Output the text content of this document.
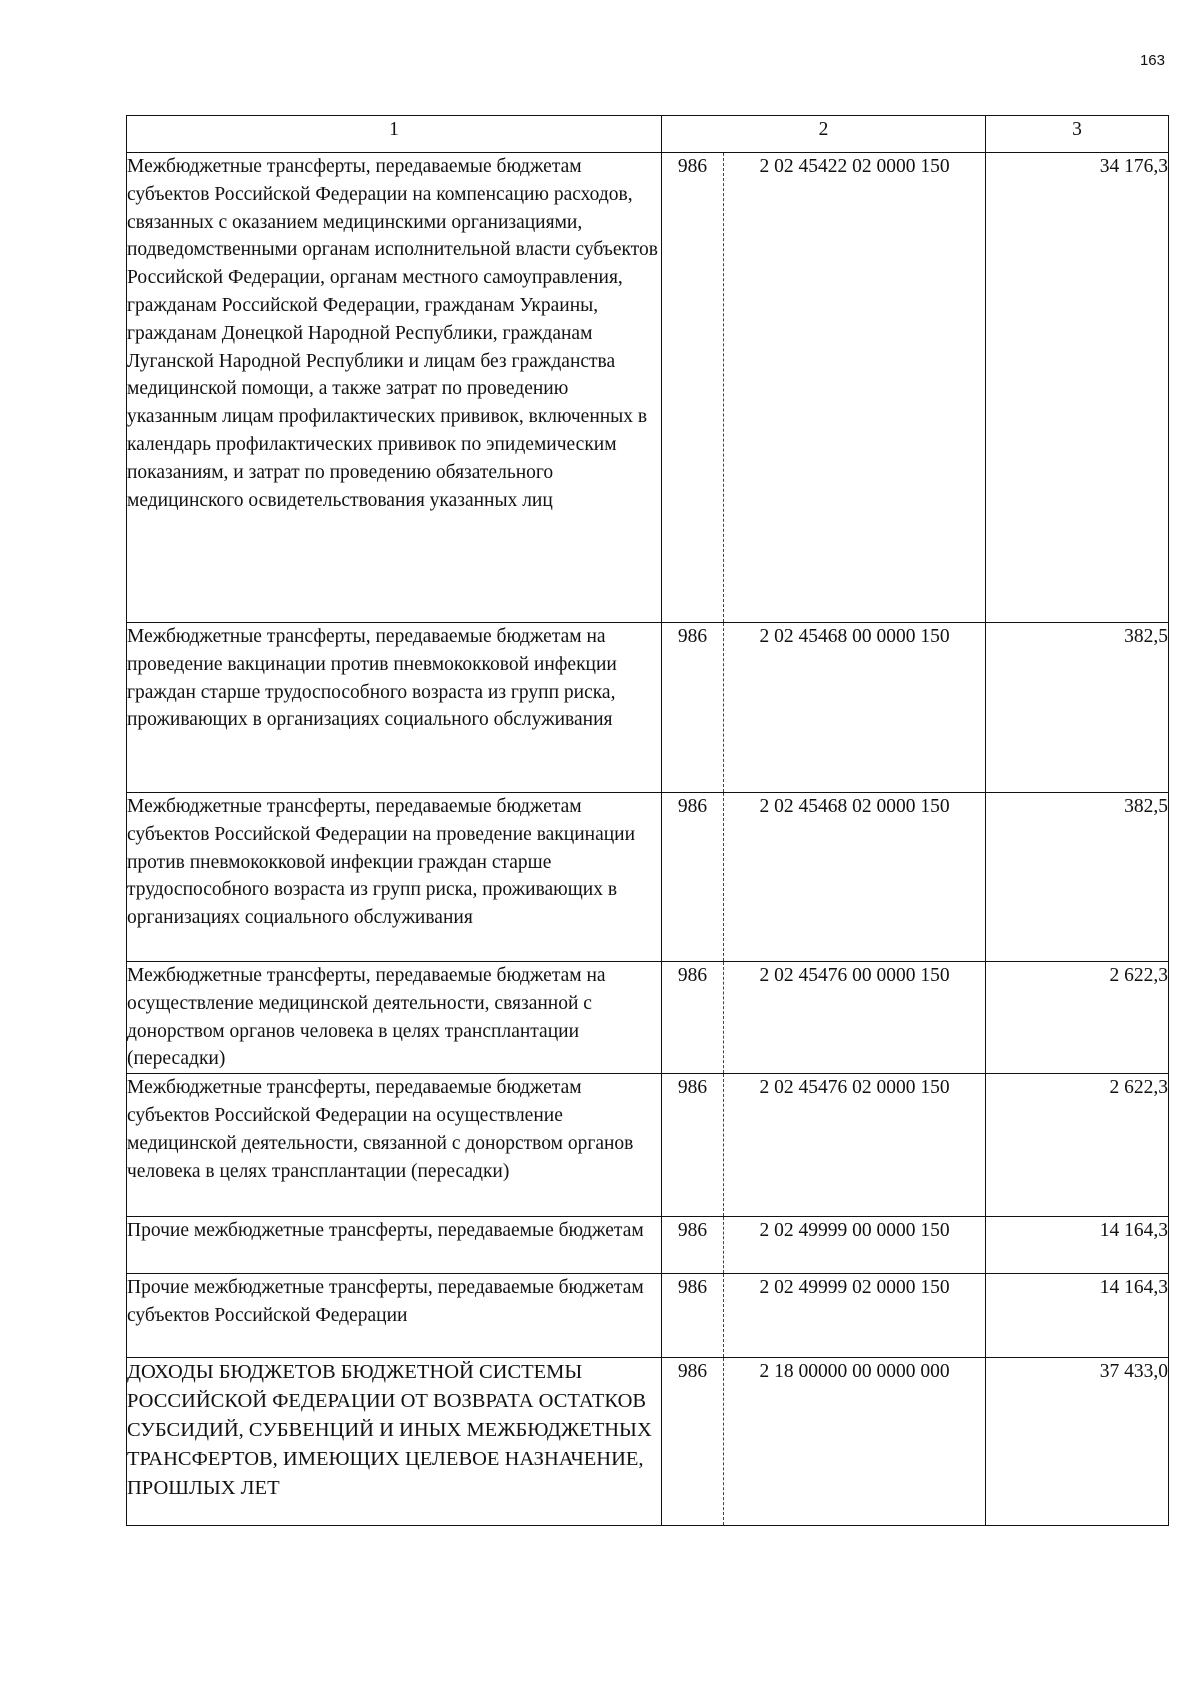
163
1	2		3
Межбюджетные трансферты, передаваемые бюджетам субъектов Российской Федерации на компенсацию расходов, связанных с оказанием медицинскими организациями, подведомственными органам исполнительной власти субъектов Российской Федерации, органам местного самоуправления, гражданам Российской Федерации, гражданам Украины, гражданам Донецкой Народной Республики, гражданам Луганской Народной Республики и лицам без гражданства медицинской помощи, а также затрат по проведению указанным лицам профилактических прививок, включенных в календарь профилактических прививок по эпидемическим показаниям, и затрат по проведению обязательного медицинского освидетельствования указанных лиц	986	2 02 45422 02 0000 150	34 176,3
Межбюджетные трансферты, передаваемые бюджетам на проведение вакцинации против пневмококковой инфекции граждан старше трудоспособного возраста из групп риска, проживающих в организациях социального обслуживания	986	2 02 45468 00 0000 150	382,5
Межбюджетные трансферты, передаваемые бюджетам субъектов Российской Федерации на проведение вакцинации против пневмококковой инфекции граждан старше трудоспособного возраста из групп риска, проживающих в организациях социального обслуживания	986	2 02 45468 02 0000 150	382,5
Межбюджетные трансферты, передаваемые бюджетам на осуществление медицинской деятельности, связанной с донорством органов человека в целях трансплантации (пересадки)	986	2 02 45476 00 0000 150	2 622,3
Межбюджетные трансферты, передаваемые бюджетам субъектов Российской Федерации на осуществление медицинской деятельности, связанной с донорством органов человека в целях трансплантации (пересадки)	986	2 02 45476 02 0000 150	2 622,3
Прочие межбюджетные трансферты, передаваемые бюджетам	986	2 02 49999 00 0000 150	14 164,3
Прочие межбюджетные трансферты, передаваемые бюджетам субъектов Российской Федерации	986	2 02 49999 02 0000 150	14 164,3
ДОХОДЫ БЮДЖЕТОВ БЮДЖЕТНОЙ СИСТЕМЫ РОССИЙСКОЙ ФЕДЕРАЦИИ ОТ ВОЗВРАТА ОСТАТКОВ СУБСИДИЙ, СУБВЕНЦИЙ И ИНЫХ МЕЖБЮДЖЕТНЫХ ТРАНСФЕРТОВ, ИМЕЮЩИХ ЦЕЛЕВОЕ НАЗНАЧЕНИЕ, ПРОШЛЫХ ЛЕТ	986	2 18 00000 00 0000 000	37 433,0
